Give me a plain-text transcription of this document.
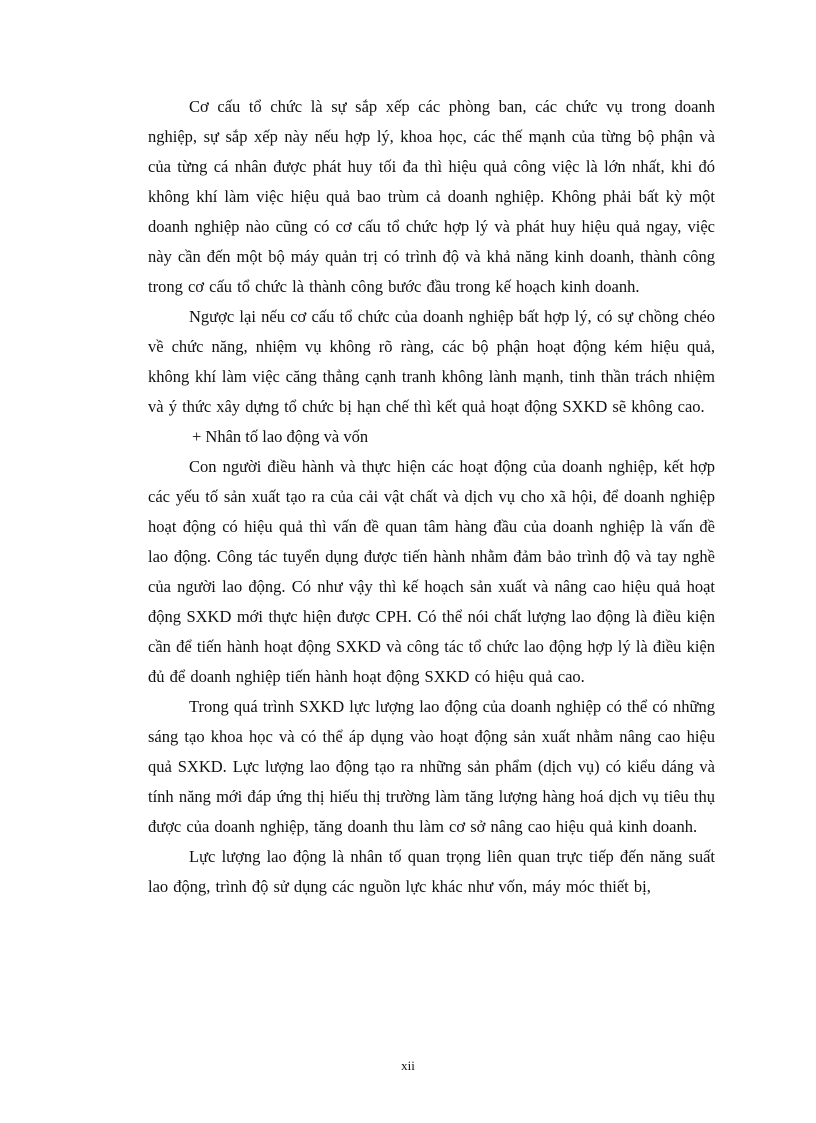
Cơ cấu tổ chức là sự sắp xếp các phòng ban, các chức vụ trong doanh nghiệp, sự sắp xếp này nếu hợp lý, khoa học, các thế mạnh của từng bộ phận và của từng cá nhân được phát huy tối đa thì hiệu quả công việc là lớn nhất, khi đó không khí làm việc hiệu quả bao trùm cả doanh nghiệp. Không phải bất kỳ một doanh nghiệp nào cũng có cơ cấu tổ chức hợp lý và phát huy hiệu quả ngay, việc này cần đến một bộ máy quản trị có trình độ và khả năng kinh doanh, thành công trong cơ cấu tổ chức là thành công bước đầu trong kế hoạch kinh doanh.

Ngược lại nếu cơ cấu tổ chức của doanh nghiệp bất hợp lý, có sự chồng chéo về chức năng, nhiệm vụ không rõ ràng, các bộ phận hoạt động kém hiệu quả, không khí làm việc căng thẳng cạnh tranh không lành mạnh, tinh thần trách nhiệm và ý thức xây dựng tổ chức bị hạn chế thì kết quả hoạt động SXKD sẽ không cao.

+ Nhân tố lao động và vốn

Con người điều hành và thực hiện các hoạt động của doanh nghiệp, kết hợp các yếu tố sản xuất tạo ra của cải vật chất và dịch vụ cho xã hội, để doanh nghiệp hoạt động có hiệu quả thì vấn đề quan tâm hàng đầu của doanh nghiệp là vấn đề lao động. Công tác tuyển dụng được tiến hành nhằm đảm bảo trình độ và tay nghề của người lao động. Có như vậy thì kế hoạch sản xuất và nâng cao hiệu quả hoạt động SXKD mới thực hiện được CPH. Có thể nói chất lượng lao động là điều kiện cần để tiến hành hoạt động SXKD và công tác tổ chức lao động hợp lý là điều kiện đủ để doanh nghiệp tiến hành hoạt động SXKD có hiệu quả cao.

Trong quá trình SXKD lực lượng lao động của doanh nghiệp có thể có những sáng tạo khoa học và có thể áp dụng vào hoạt động sản xuất nhằm nâng cao hiệu quả SXKD. Lực lượng lao động tạo ra những sản phẩm (dịch vụ) có kiểu dáng và tính năng mới đáp ứng thị hiếu thị trường làm tăng lượng hàng hoá dịch vụ tiêu thụ được của doanh nghiệp, tăng doanh thu làm cơ sở nâng cao hiệu quả kinh doanh.

Lực lượng lao động là nhân tố quan trọng liên quan trực tiếp đến năng suất lao động, trình độ sử dụng các nguồn lực khác như vốn, máy móc thiết bị,

xii
